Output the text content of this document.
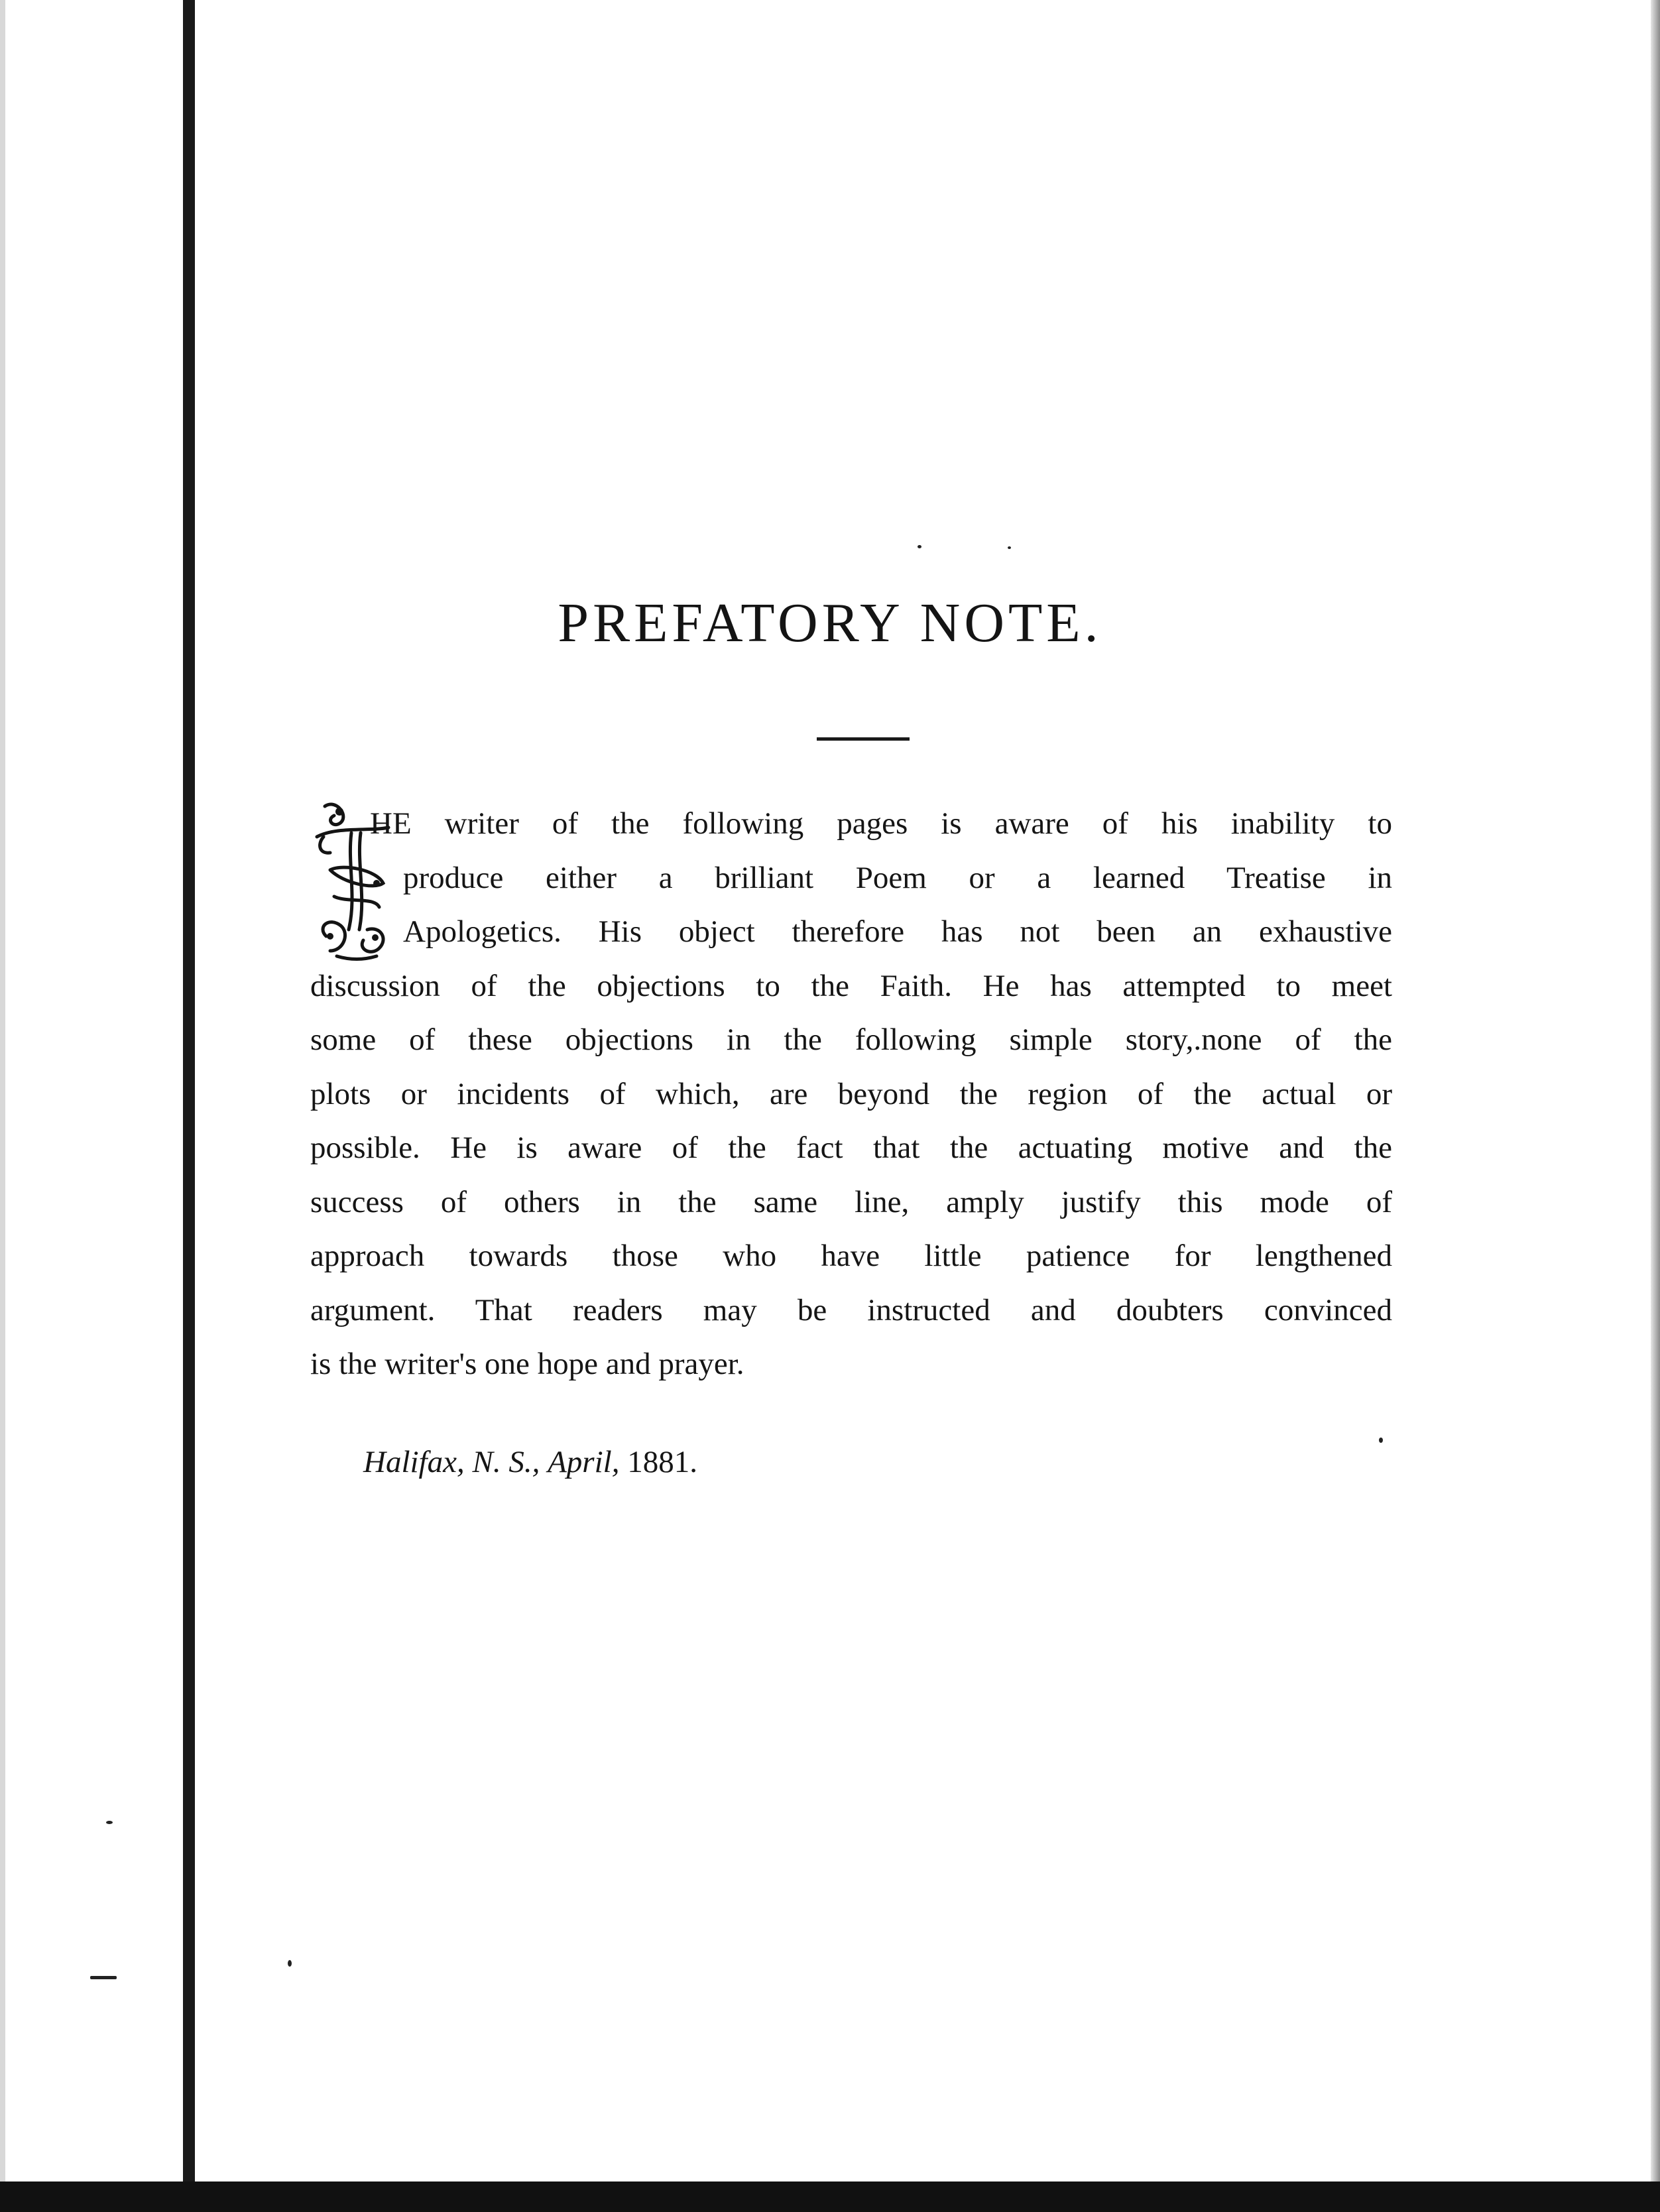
PREFATORY NOTE.

HE writer of the following pages is aware of his inability to
produce either a brilliant Poem or a learned Treatise in
Apologetics. His object therefore has not been an exhaustive
discussion of the objections to the Faith. He has attempted to meet
some of these objections in the following simple story,.none of the
plots or incidents of which, are beyond the region of the actual or
possible. He is aware of the fact that the actuating motive and the
success of others in the same line, amply justify this mode of
approach towards those who have little patience for lengthened
argument. That readers may be instructed and doubters convinced
is the writer's one hope and prayer.

Halifax, N. S., April, 1881.
